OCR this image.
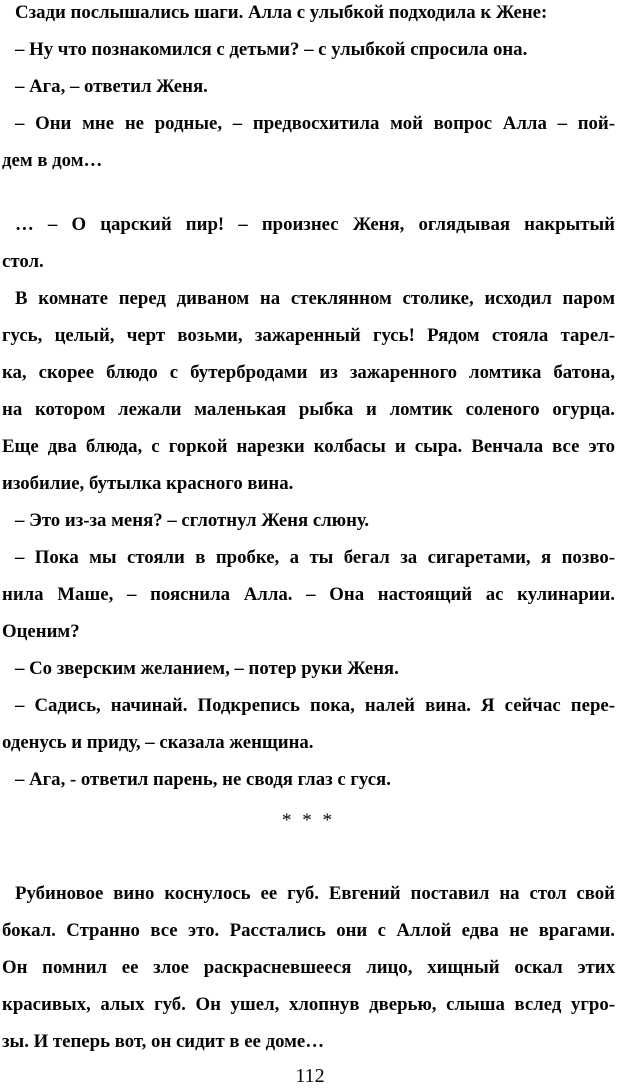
Сзади послышались шаги. Алла с улыбкой подходила к Жене:
– Ну что познакомился с детьми? – с улыбкой спросила она.
– Ага, – ответил Женя.
– Они мне не родные, – предвосхитила мой вопрос Алла – пой-
дем в дом…
… – О царский пир! – произнес Женя, оглядывая накрытый
стол.
В комнате перед диваном на стеклянном столике, исходил паром
гусь, целый, черт возьми, зажаренный гусь! Рядом стояла тарел-
ка, скорее блюдо с бутербродами из зажаренного ломтика батона,
на котором лежали маленькая рыбка и ломтик соленого огурца.
Еще два блюда, с горкой нарезки колбасы и сыра. Венчала все это
изобилие, бутылка красного вина.
– Это из-за меня? – сглотнул Женя слюну.
– Пока мы стояли в пробке, а ты бегал за сигаретами, я позво-
нила Маше, – пояснила Алла. – Она настоящий ас кулинарии.
Оценим?
– Со зверским желанием, – потер руки Женя.
– Садись, начинай. Подкрепись пока, налей вина. Я сейчас пере-
оденусь и приду, – сказала женщина.
– Ага, - ответил парень, не сводя глаз с гуся.
* * *
Рубиновое вино коснулось ее губ. Евгений поставил на стол свой
бокал. Странно все это. Расстались они с Аллой едва не врагами.
Он помнил ее злое раскрасневшееся лицо, хищный оскал этих
красивых, алых губ. Он ушел, хлопнув дверью, слыша вслед угро-
зы. И теперь вот, он сидит в ее доме…
112
